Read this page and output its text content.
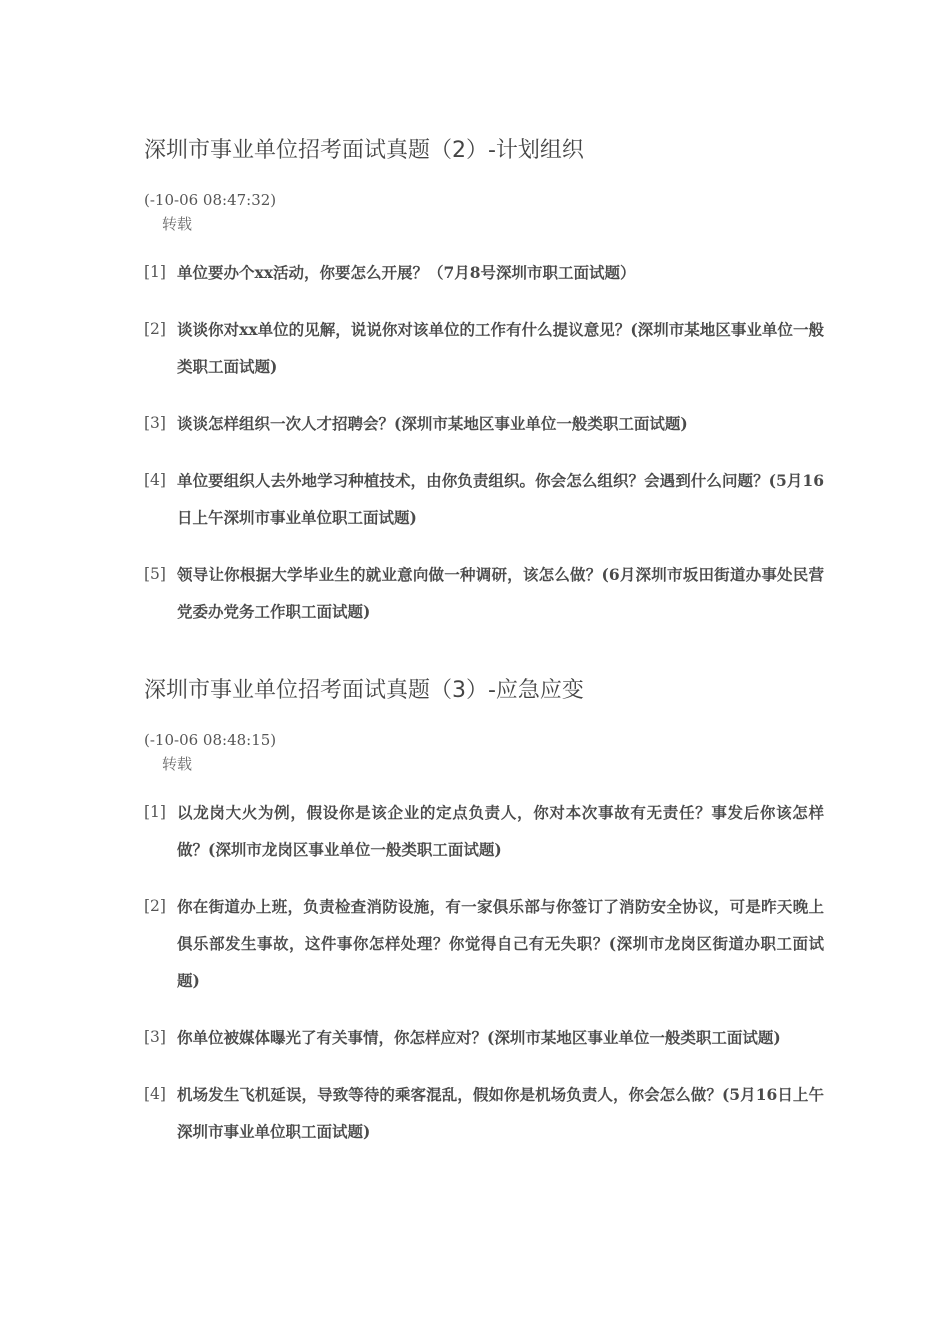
深圳市事业单位招考面试真题（2）-计划组织
(-10-06 08:47:32)
转载
[1] 单位要办个xx活动，你要怎么开展？（7月8号深圳市职工面试题）
[2] 谈谈你对xx单位的见解，说说你对该单位的工作有什么提议意见？(深圳市某地区事业单位一般类职工面试题)
[3] 谈谈怎样组织一次人才招聘会？(深圳市某地区事业单位一般类职工面试题)
[4] 单位要组织人去外地学习种植技术，由你负责组织。你会怎么组织？会遇到什么问题？(5月16日上午深圳市事业单位职工面试题)
[5] 领导让你根据大学毕业生的就业意向做一种调研，该怎么做？(6月深圳市坂田街道办事处民营党委办党务工作职工面试题)
深圳市事业单位招考面试真题（3）-应急应变
(-10-06 08:48:15)
转载
[1] 以龙岗大火为例，假设你是该企业的定点负责人，你对本次事故有无责任？事发后你该怎样做？(深圳市龙岗区事业单位一般类职工面试题)
[2] 你在街道办上班，负责检查消防设施，有一家俱乐部与你签订了消防安全协议，可是昨天晚上俱乐部发生事故，这件事你怎样处理？你觉得自己有无失职？(深圳市龙岗区街道办职工面试题)
[3] 你单位被媒体曝光了有关事情，你怎样应对？(深圳市某地区事业单位一般类职工面试题)
[4] 机场发生飞机延误，导致等待的乘客混乱，假如你是机场负责人，你会怎么做？(5月16日上午深圳市事业单位职工面试题)
